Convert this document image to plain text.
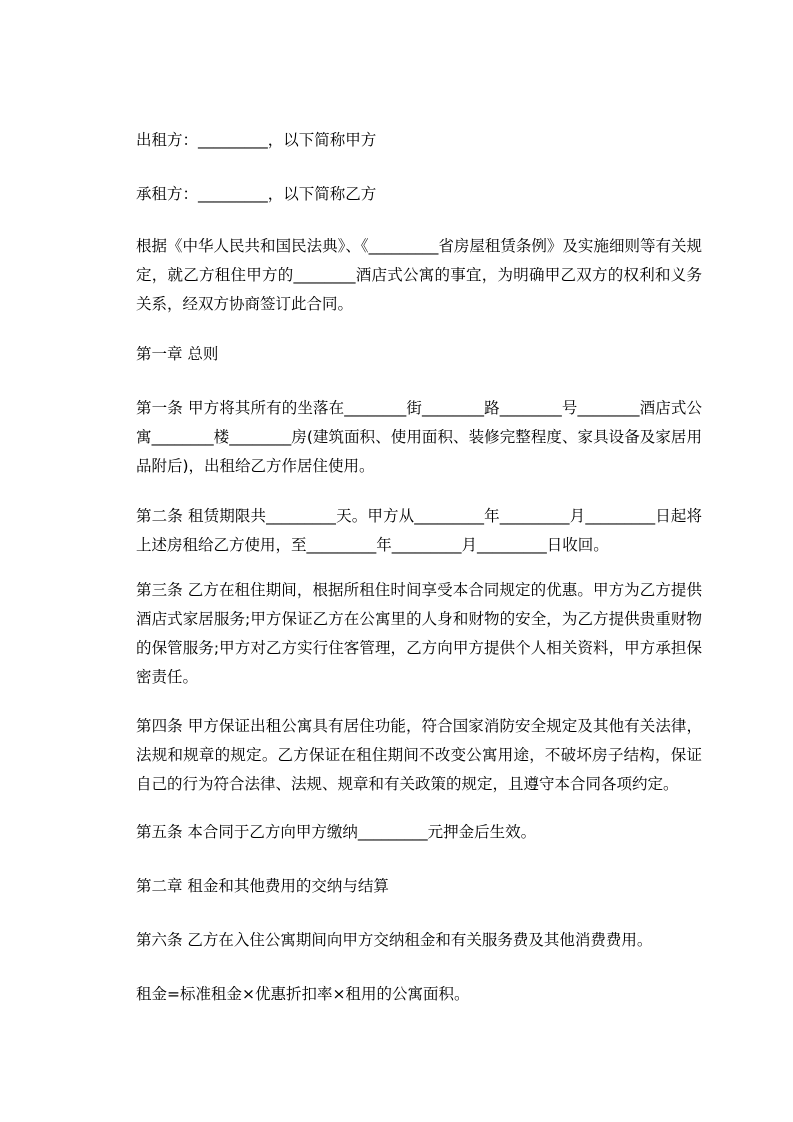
出租方：_________，以下简称甲方

承租方：_________，以下简称乙方

根据《中华人民共和国民法典》、《_________省房屋租赁条例》及实施细则等有关规定，就乙方租住甲方的________酒店式公寓的事宜，为明确甲乙双方的权利和义务关系，经双方协商签订此合同。

第一章 总则

第一条 甲方将其所有的坐落在________街________路________号________酒店式公寓________楼________房(建筑面积、使用面积、装修完整程度、家具设备及家居用品附后)，出租给乙方作居住使用。

第二条 租赁期限共_________天。甲方从_________年_________月_________日起将上述房租给乙方使用，至_________年_________月_________日收回。

第三条 乙方在租住期间，根据所租住时间享受本合同规定的优惠。甲方为乙方提供酒店式家居服务;甲方保证乙方在公寓里的人身和财物的安全，为乙方提供贵重财物的保管服务;甲方对乙方实行住客管理，乙方向甲方提供个人相关资料，甲方承担保密责任。

第四条 甲方保证出租公寓具有居住功能，符合国家消防安全规定及其他有关法律，法规和规章的规定。乙方保证在租住期间不改变公寓用途，不破坏房子结构，保证自己的行为符合法律、法规、规章和有关政策的规定，且遵守本合同各项约定。

第五条 本合同于乙方向甲方缴纳_________元押金后生效。

第二章 租金和其他费用的交纳与结算

第六条 乙方在入住公寓期间向甲方交纳租金和有关服务费及其他消费费用。

租金=标准租金×优惠折扣率×租用的公寓面积。
